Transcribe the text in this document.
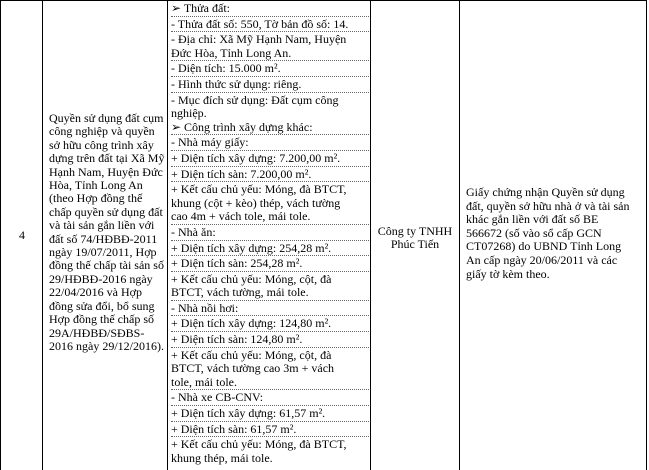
4
Quyền sử dụng đất cụm
công nghiệp và quyền
sở hữu công trình xây
dựng trên đất tại Xã Mỹ
Hạnh Nam, Huyện Đức
Hòa, Tỉnh Long An
(theo Hợp đồng thế
chấp quyền sử dụng đất
và tài sản gắn liền với
đất số 74/HĐBĐ-2011
ngày 19/07/2011, Hợp
đồng thế chấp tài sản số
29/HĐBĐ-2016 ngày
22/04/2016 và Hợp
đồng sửa đổi, bổ sung
Hợp đồng thế chấp số
29A/HĐBĐ/SĐBS-
2016 ngày 29/12/2016).
➢ Thửa đất:
- Thửa đất số: 550, Tờ bản đồ số: 14.
- Địa chỉ: Xã Mỹ Hạnh Nam, Huyện
Đức Hòa, Tỉnh Long An.
- Diện tích: 15.000 m².
- Hình thức sử dụng: riêng.
- Mục đích sử dụng: Đất cụm công
nghiệp.
➢ Công trình xây dựng khác:
- Nhà máy giấy:
+ Diện tích xây dựng: 7.200,00 m².
+ Diện tích sàn: 7.200,00 m².
+ Kết cấu chủ yếu: Móng, đà BTCT,
khung (cột + kèo) thép, vách tường
cao 4m + vách tole, mái tole.
- Nhà ăn:
+ Diện tích xây dựng: 254,28 m².
+ Diện tích sàn: 254,28 m².
+ Kết cấu chủ yếu: Móng, cột, đà
BTCT, vách tường, mái tole.
- Nhà nồi hơi:
+ Diện tích xây dựng: 124,80 m².
+ Diện tích sàn: 124,80 m².
+ Kết cấu chủ yếu: Móng, cột, đà
BTCT, vách tường cao 3m + vách
tole, mái tole.
- Nhà xe CB-CNV:
+ Diện tích xây dựng: 61,57 m².
+ Diện tích sàn: 61,57 m².
+ Kết cấu chủ yếu: Móng, đà BTCT,
khung thép, mái tole.
Công ty TNHH
Phúc Tiến
Giấy chứng nhận Quyền sử dụng
đất, quyền sở hữu nhà ở và tài sản
khác gắn liền với đất số BE
566672 (số vào sổ cấp GCN
CT07268) do UBND Tỉnh Long
An cấp ngày 20/06/2011 và các
giấy tờ kèm theo.
